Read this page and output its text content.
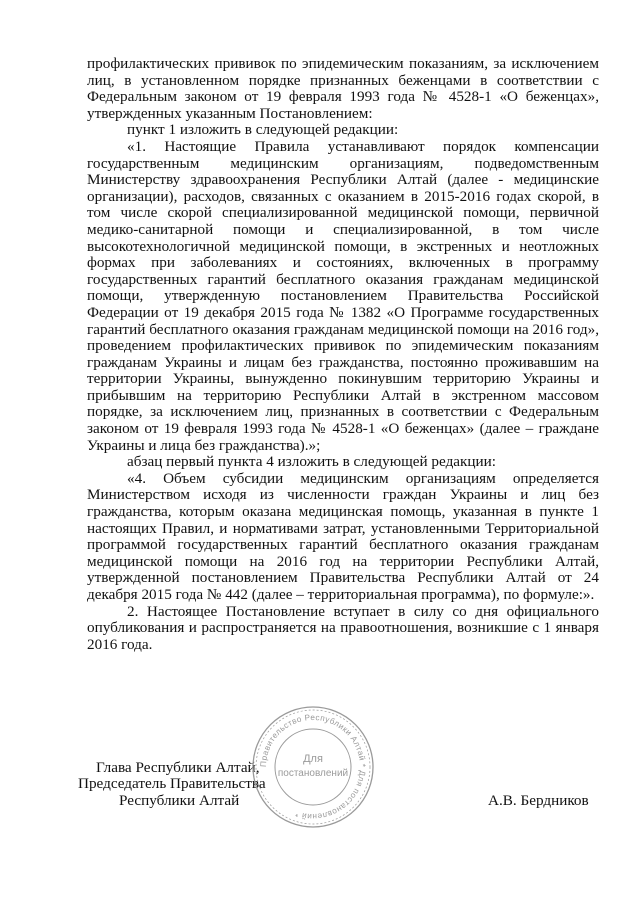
профилактических прививок по эпидемическим показаниям, за исключением лиц, в установленном порядке признанных беженцами в соответствии с Федеральным законом от 19 февраля 1993 года № 4528-1 «О беженцах», утвержденных указанным Постановлением:

пункт 1 изложить в следующей редакции:

«1. Настоящие Правила устанавливают порядок компенсации государственным медицинским организациям, подведомственным Министерству здравоохранения Республики Алтай (далее - медицинские организации), расходов, связанных с оказанием в 2015-2016 годах скорой, в том числе скорой специализированной медицинской помощи, первичной медико-санитарной помощи и специализированной, в том числе высокотехнологичной медицинской помощи, в экстренных и неотложных формах при заболеваниях и состояниях, включенных в программу государственных гарантий бесплатного оказания гражданам медицинской помощи, утвержденную постановлением Правительства Российской Федерации от 19 декабря 2015 года № 1382 «О Программе государственных гарантий бесплатного оказания гражданам медицинской помощи на 2016 год», проведением профилактических прививок по эпидемическим показаниям гражданам Украины и лицам без гражданства, постоянно проживавшим на территории Украины, вынужденно покинувшим территорию Украины и прибывшим на территорию Республики Алтай в экстренном массовом порядке, за исключением лиц, признанных в соответствии с Федеральным законом от 19 февраля 1993 года № 4528-1 «О беженцах» (далее – граждане Украины и лица без гражданства).»;

абзац первый пункта 4 изложить в следующей редакции:

«4. Объем субсидии медицинским организациям определяется Министерством исходя из численности граждан Украины и лиц без гражданства, которым оказана медицинская помощь, указанная в пункте 1 настоящих Правил, и нормативами затрат, установленными Территориальной программой государственных гарантий бесплатного оказания гражданам медицинской помощи на 2016 год на территории Республики Алтай, утвержденной постановлением Правительства Республики Алтай от 24 декабря 2015 года № 442 (далее – территориальная программа), по формуле:».

2. Настоящее Постановление вступает в силу со дня официального опубликования и распространяется на правоотношения, возникшие с 1 января 2016 года.

Глава Республики Алтай,
Председатель Правительства
Республики Алтай	А.В. Бердников
Правительство Республики Алтай * Для постановлений *
Для
постановлений
